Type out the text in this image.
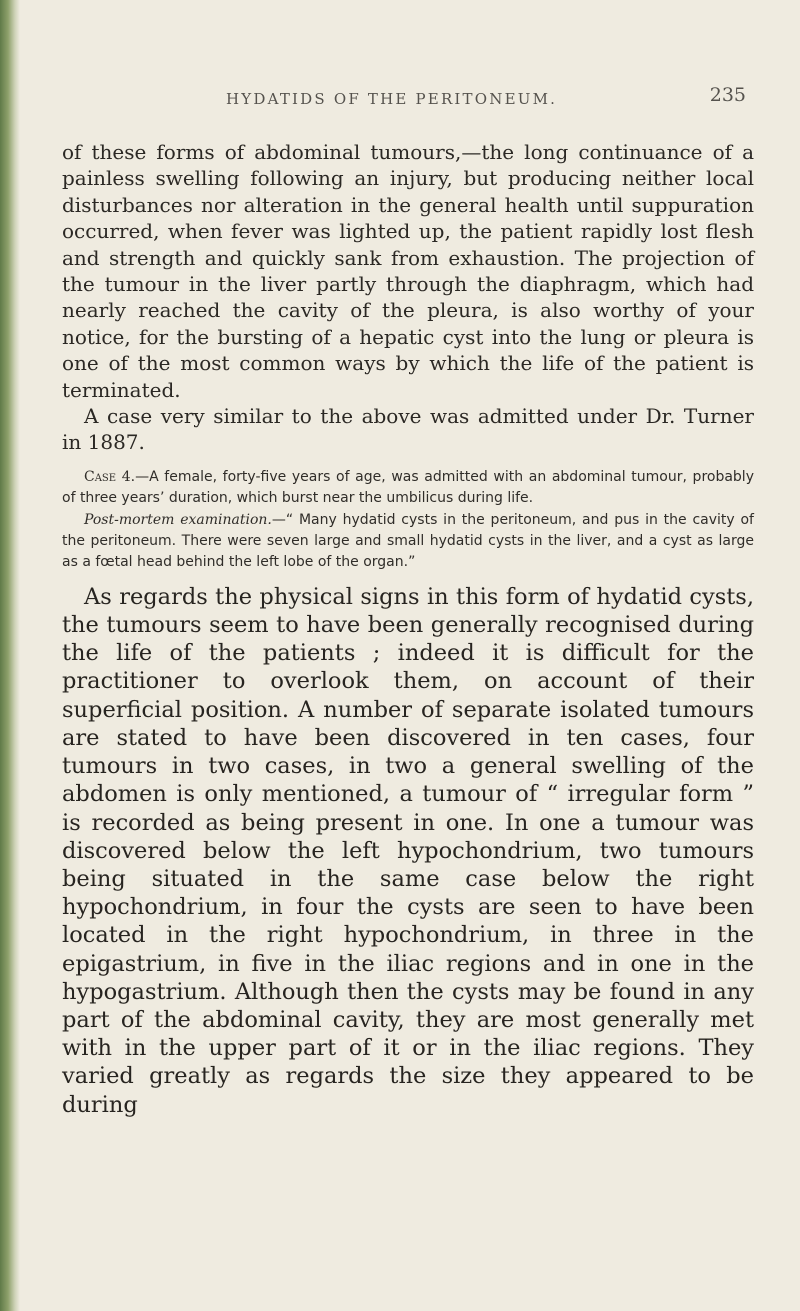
HYDATIDS OF THE PERITONEUM.	235

of these forms of abdominal tumours,—the long continuance of a painless swelling following an injury, but producing neither local disturbances nor alteration in the general health until suppuration occurred, when fever was lighted up, the patient rapidly lost flesh and strength and quickly sank from exhaustion. The projection of the tumour in the liver partly through the diaphragm, which had nearly reached the cavity of the pleura, is also worthy of your notice, for the bursting of a hepatic cyst into the lung or pleura is one of the most common ways by which the life of the patient is terminated.

A case very similar to the above was admitted under Dr. Turner in 1887.

Case 4.—A female, forty-five years of age, was admitted with an abdominal tumour, probably of three years’ duration, which burst near the umbilicus during life.

Post-mortem examination.—“ Many hydatid cysts in the peritoneum, and pus in the cavity of the peritoneum. There were seven large and small hydatid cysts in the liver, and a cyst as large as a fœtal head behind the left lobe of the organ.”

As regards the physical signs in this form of hydatid cysts, the tumours seem to have been generally recognised during the life of the patients ; indeed it is difficult for the practitioner to overlook them, on account of their superficial position. A number of separate isolated tumours are stated to have been discovered in ten cases, four tumours in two cases, in two a general swelling of the abdomen is only mentioned, a tumour of “ irregular form ” is recorded as being present in one. In one a tumour was discovered below the left hypochondrium, two tumours being situated in the same case below the right hypochondrium, in four the cysts are seen to have been located in the right hypochondrium, in three in the epigastrium, in five in the iliac regions and in one in the hypogastrium. Although then the cysts may be found in any part of the abdominal cavity, they are most generally met with in the upper part of it or in the iliac regions. They varied greatly as regards the size they appeared to be during
